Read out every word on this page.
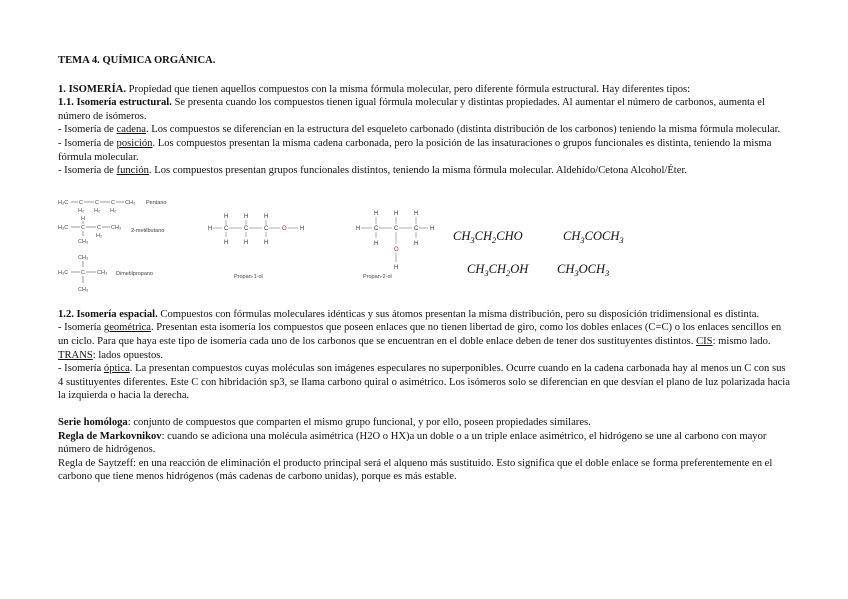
TEMA 4. QUÍMICA ORGÁNICA.

1. ISOMERÍA. Propiedad que tienen aquellos compuestos con la misma fórmula molecular, pero diferente fórmula estructural. Hay diferentes tipos:

1.1. Isomería estructural. Se presenta cuando los compuestos tienen igual fórmula molecular y distintas propiedades. Al aumentar el número de carbonos, aumenta el número de isómeros.

- Isomería de cadena. Los compuestos se diferencian en la estructura del esqueleto carbonado (distinta distribución de los carbonos) teniendo la misma fórmula molecular.

- Isomería de posición. Los compuestos presentan la misma cadena carbonada, pero la posición de las insaturaciones o grupos funcionales es distinta, teniendo la misma fórmula molecular.

- Isomería de función. Los compuestos presentan grupos funcionales distintos, teniendo la misma fórmula molecular. Aldehído/Cetona Alcohol/Éter.

H₃C C C C CH₃
H₂ H₂ H₂
Pentano
H₃C C
H
C CH₃
H₂
CH₃
2-metilbutano
CH₃
H₃C C CH₃
CH₃
Dimetilpropano
H	H	H
H C	C	C O H
H	H	H
Propan-1-ol
H	H	H
H C	C	C H
H
O
H
H
Propan-2-ol
$CH_3CH_2CHO$	$CH_3COCH_3$
$CH_3CH_2OH$ $CH_3OCH_3$

1.2. Isomería espacial. Compuestos con fórmulas moleculares idénticas y sus átomos presentan la misma distribución, pero su disposición tridimensional es distinta.

- Isomería geométrica. Presentan esta isomería los compuestos que poseen enlaces que no tienen libertad de giro, como los dobles enlaces (C=C) o los enlaces sencillos en un ciclo. Para que haya este tipo de isomería cada uno de los carbonos que se encuentran en el doble enlace deben de tener dos sustituyentes distintos. CIS: mismo lado. TRANS: lados opuestos.

- Isomería óptica. La presentan compuestos cuyas moléculas son imágenes especulares no superponibles. Ocurre cuando en la cadena carbonada hay al menos un C con sus 4 sustituyentes diferentes. Este C con hibridación sp3, se llama carbono quiral o asimétrico. Los isómeros solo se diferencian en que desvían el plano de luz polarizada hacia la izquierda o hacia la derecha.

Serie homóloga: conjunto de compuestos que comparten el mismo grupo funcional, y por ello, poseen propiedades similares.

Regla de Markovnikov: cuando se adiciona una molécula asimétrica (H2O o HX)a un doble o a un triple enlace asimétrico, el hidrógeno se une al carbono con mayor número de hidrógenos.

Regla de Saytzeff: en una reacción de eliminación el producto principal será el alqueno más sustituido. Esto significa que el doble enlace se forma preferentemente en el carbono que tiene menos hidrógenos (más cadenas de carbono unidas), porque es más estable.
